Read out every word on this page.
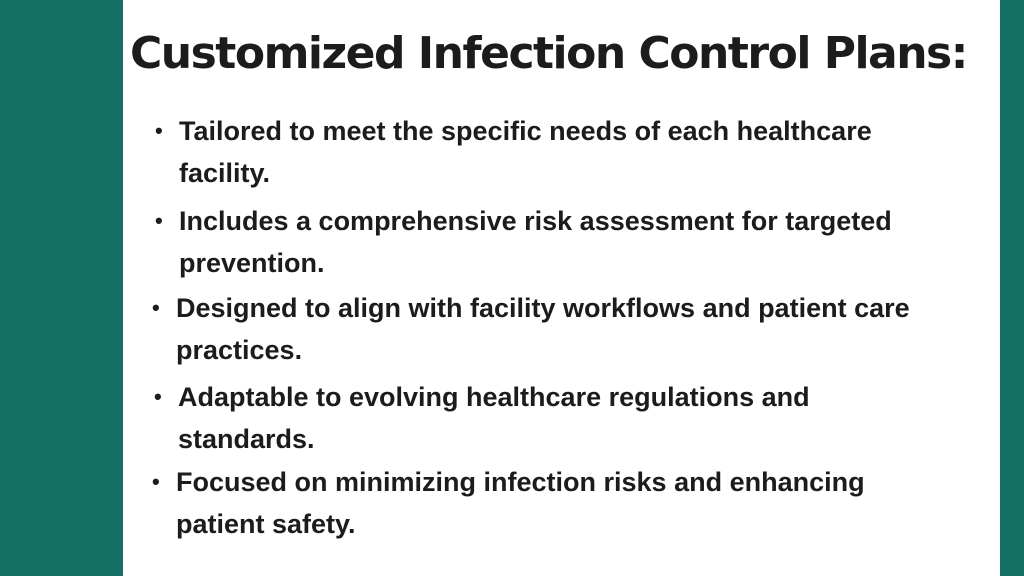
Customized Infection Control Plans:
• Tailored to meet the specific needs of each healthcare
facility.
• Includes a comprehensive risk assessment for targeted
prevention.
• Designed to align with facility workflows and patient care
practices.
• Adaptable to evolving healthcare regulations and
standards.
• Focused on minimizing infection risks and enhancing
patient safety.
